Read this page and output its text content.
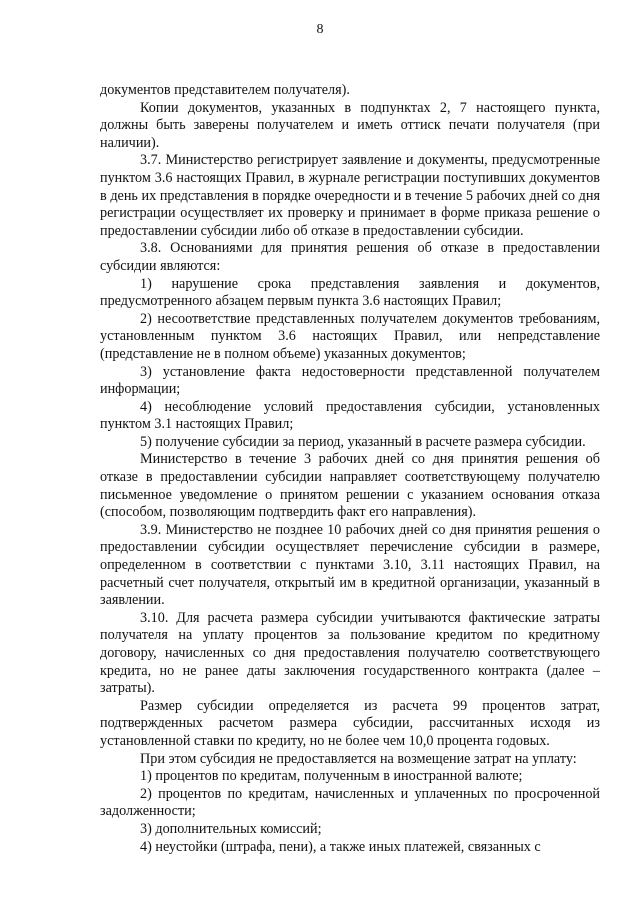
8

документов представителем получателя).

Копии документов, указанных в подпунктах 2, 7 настоящего пункта, должны быть заверены получателем и иметь оттиск печати получателя (при наличии).

3.7. Министерство регистрирует заявление и документы, предусмотренные пунктом 3.6 настоящих Правил, в журнале регистрации поступивших документов в день их представления в порядке очередности и в течение 5 рабочих дней со дня регистрации осуществляет их проверку и принимает в форме приказа решение о предоставлении субсидии либо об отказе в предоставлении субсидии.

3.8. Основаниями для принятия решения об отказе в предоставлении субсидии являются:

1) нарушение срока представления заявления и документов, предусмотренного абзацем первым пункта 3.6 настоящих Правил;

2) несоответствие представленных получателем документов требованиям, установленным пунктом 3.6 настоящих Правил, или непредставление (представление не в полном объеме) указанных документов;

3) установление факта недостоверности представленной получателем информации;

4) несоблюдение условий предоставления субсидии, установленных пунктом 3.1 настоящих Правил;

5) получение субсидии за период, указанный в расчете размера субсидии.

Министерство в течение 3 рабочих дней со дня принятия решения об отказе в предоставлении субсидии направляет соответствующему получателю письменное уведомление о принятом решении с указанием основания отказа (способом, позволяющим подтвердить факт его направления).

3.9. Министерство не позднее 10 рабочих дней со дня принятия решения о предоставлении субсидии осуществляет перечисление субсидии в размере, определенном в соответствии с пунктами 3.10, 3.11 настоящих Правил, на расчетный счет получателя, открытый им в кредитной организации, указанный в заявлении.

3.10. Для расчета размера субсидии учитываются фактические затраты получателя на уплату процентов за пользование кредитом по кредитному договору, начисленных со дня предоставления получателю соответствующего кредита, но не ранее даты заключения государственного контракта (далее – затраты).

Размер субсидии определяется из расчета 99 процентов затрат, подтвержденных расчетом размера субсидии, рассчитанных исходя из установленной ставки по кредиту, но не более чем 10,0 процента годовых.

При этом субсидия не предоставляется на возмещение затрат на уплату:

1) процентов по кредитам, полученным в иностранной валюте;

2) процентов по кредитам, начисленных и уплаченных по просроченной задолженности;

3) дополнительных комиссий;

4) неустойки (штрафа, пени), а также иных платежей, связанных с
